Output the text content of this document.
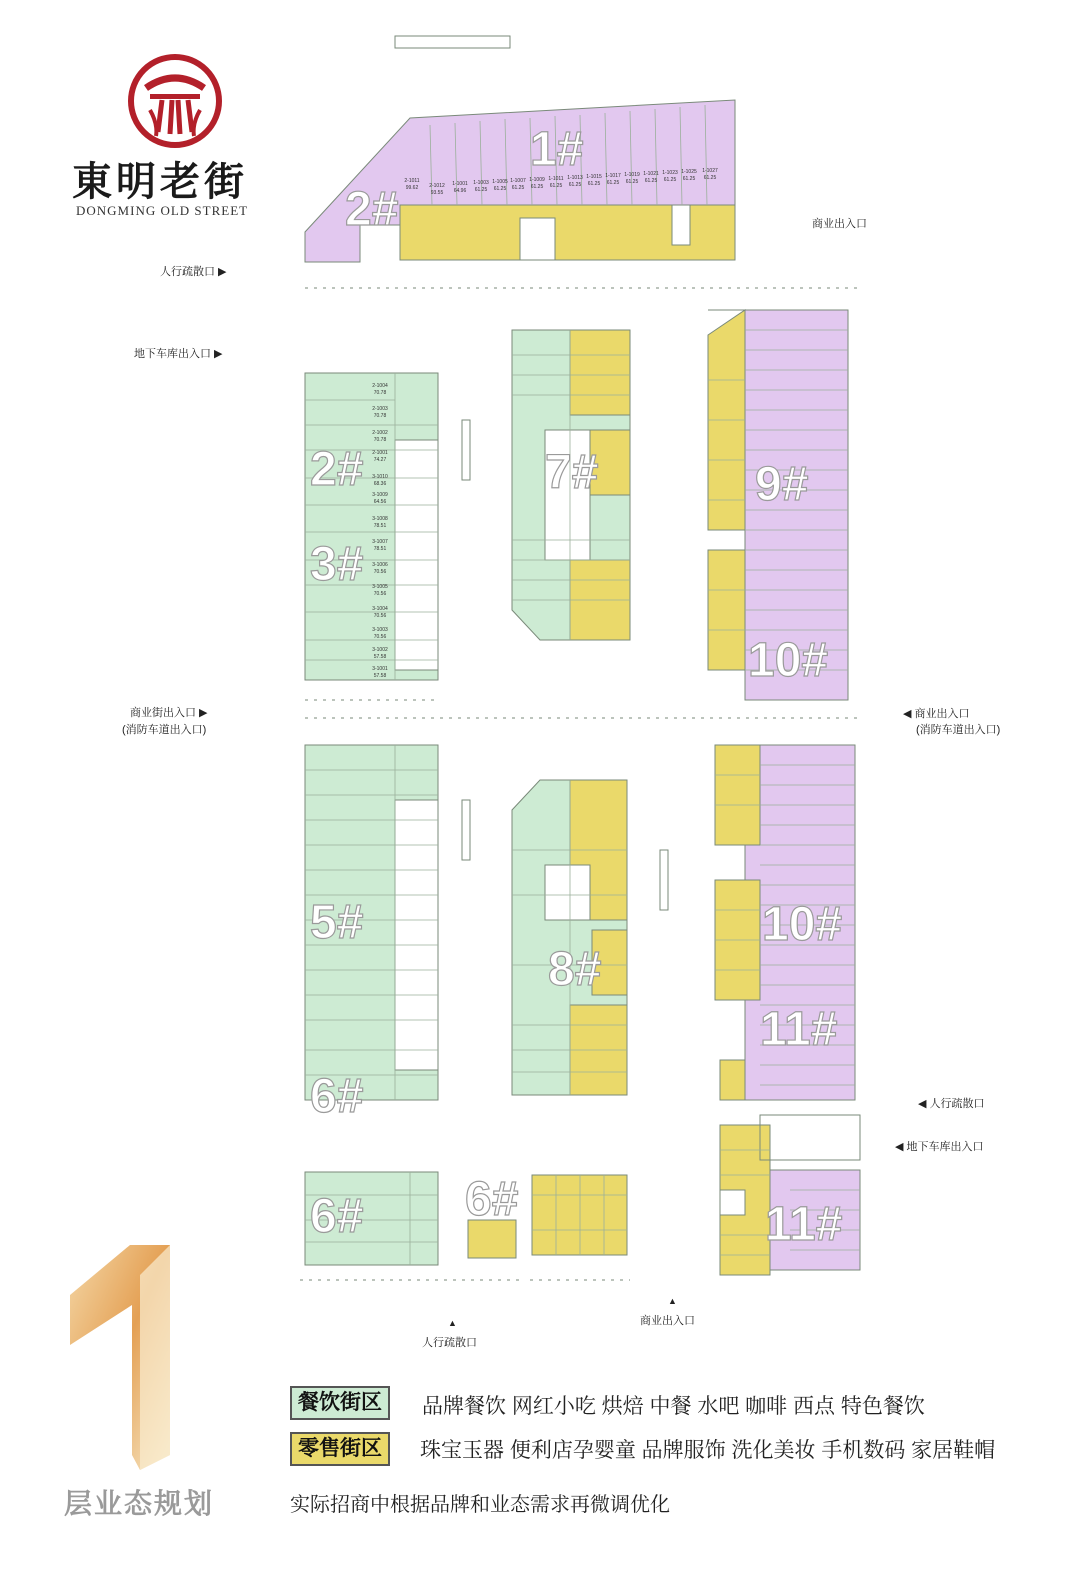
東明老街
DONGMING OLD STREET
1#
2#
2#
3#
7#	9#
10#
5#
6#
6#
8#
10#
11#
6#	11#
2-1011
99.62 2-1012
93.55
1-1001
64.96
1-1003
61.25
1-1005
61.25
1-1007
61.25
1-1009
61.25
1-1011
61.25
1-1013
61.25
1-1015
61.25
1-1017
61.25
1-1019
61.25
1-1021
61.25
1-1023
61.25
1-1025
61.25
1-1027
61.25
2-1004
70.78
2-1003
70.78
2-1002
70.78
2-1001
74.27
3-1010
68.36
3-1009
64.56
3-1008
78.51
3-1007
78.51
3-1006
70.56
3-1005
70.56
3-1004
70.56
3-1003
70.56
3-1002
57.58
3-1001
57.58
人行疏散口 ▶
地下车库出入口 ▶
商业出入口
商业街出入口 ▶
(消防车道出入口)
◀ 商业出入口
(消防车道出入口)
◀ 人行疏散口
◀ 地下车库出入口
▲
商业出入口
▲
人行疏散口
层业态规划
餐饮街区	品牌餐饮 网红小吃 烘焙 中餐 水吧 咖啡 西点 特色餐饮
零售街区	珠宝玉器 便利店孕婴童 品牌服饰 洗化美妆 手机数码 家居鞋帽
实际招商中根据品牌和业态需求再微调优化
